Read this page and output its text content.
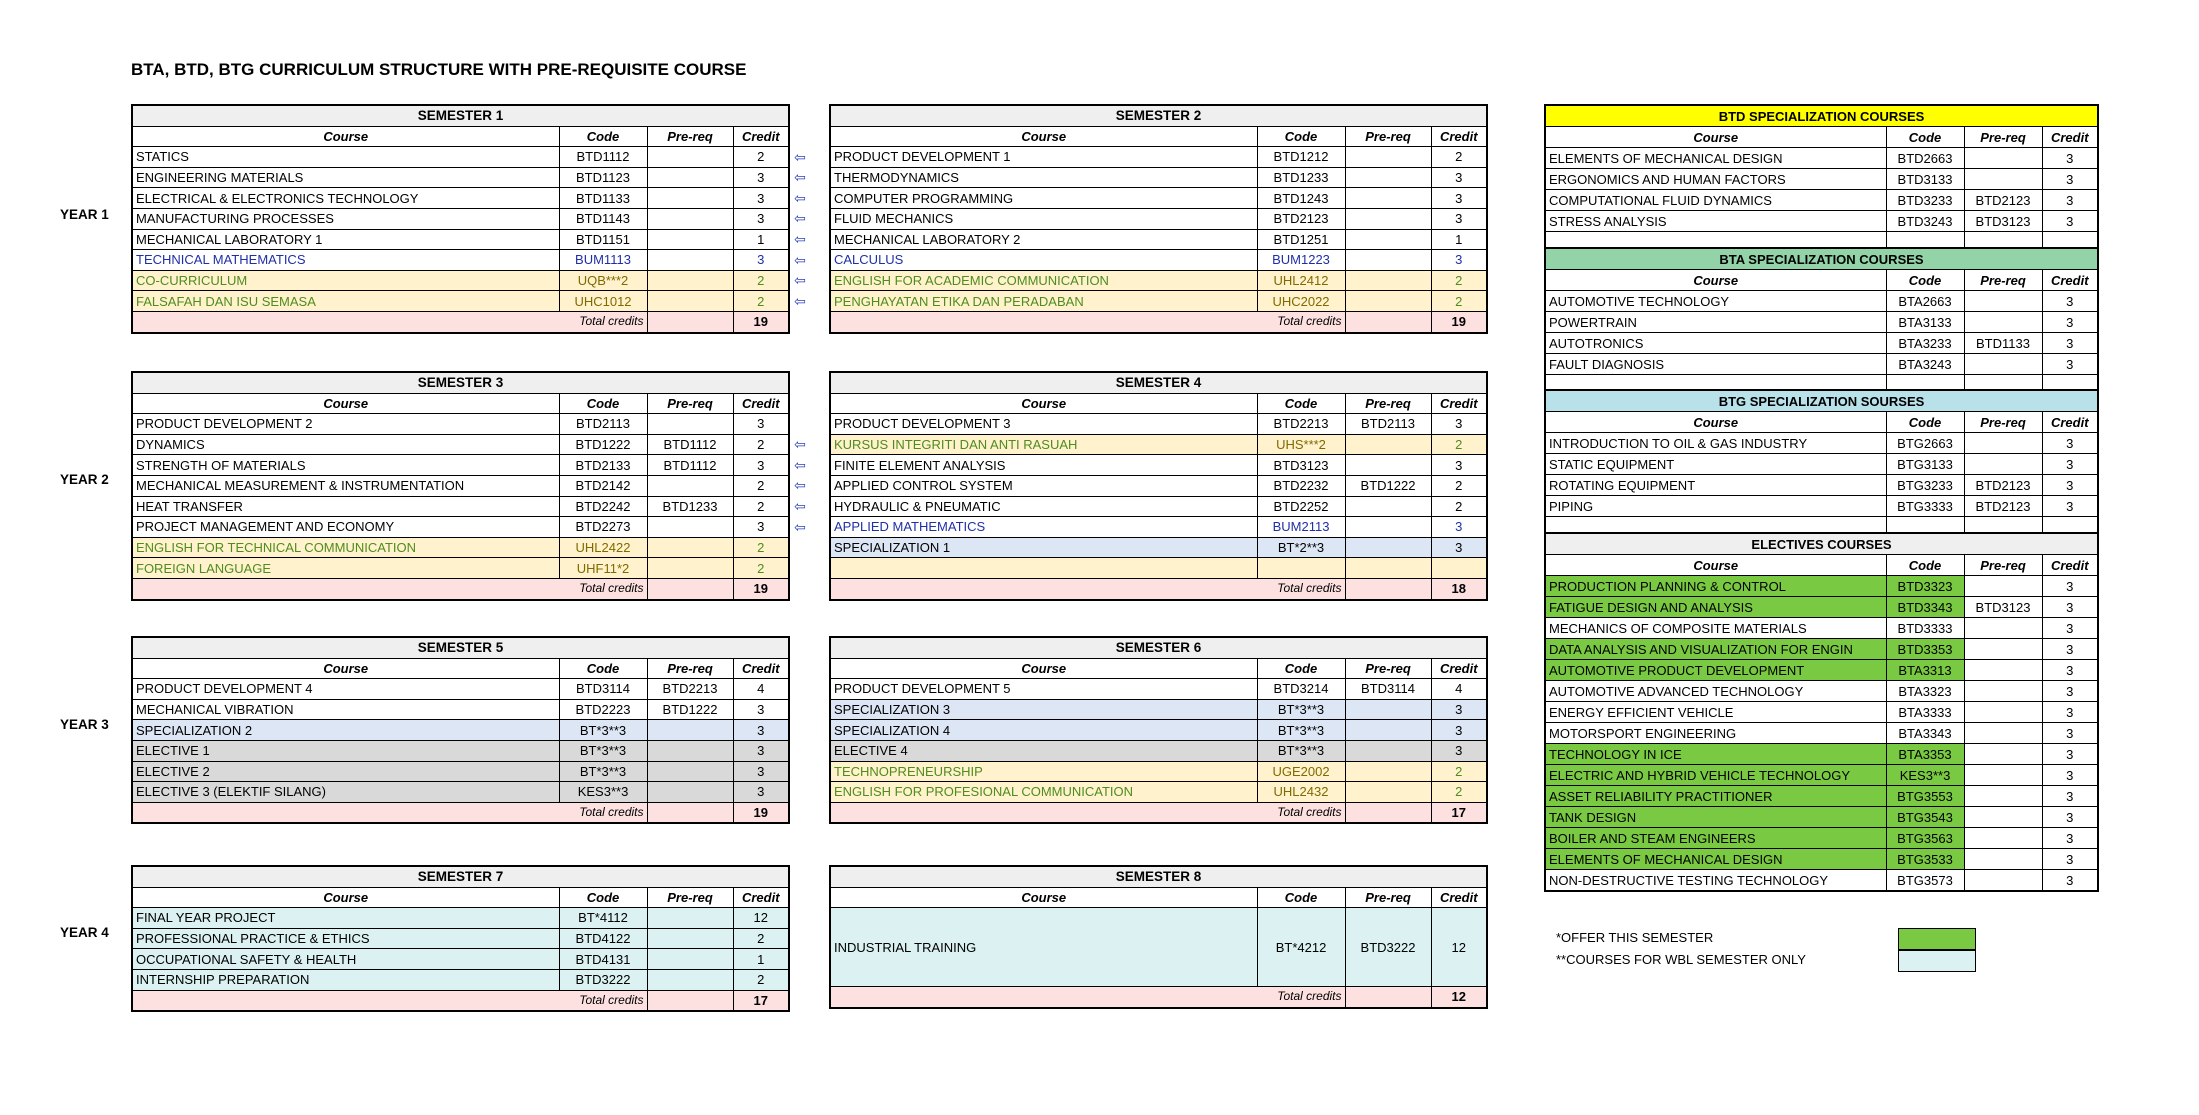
BTA, BTD, BTG CURRICULUM STRUCTURE WITH PRE-REQUISITE COURSE
YEAR 1
YEAR 2
YEAR 3
YEAR 4
SEMESTER 1			
Course	Code	Pre-req	Credit
STATICS	BTD1112		2
ENGINEERING MATERIALS	BTD1123		3
ELECTRICAL & ELECTRONICS TECHNOLOGY	BTD1133		3
MANUFACTURING PROCESSES	BTD1143		3
MECHANICAL LABORATORY 1	BTD1151		1
TECHNICAL MATHEMATICS	BUM1113		3
CO-CURRICULUM	UQB***2		2
FALSAFAH DAN ISU SEMASA	UHC1012		2
Total credits			19
SEMESTER 2			
Course	Code	Pre-req	Credit
PRODUCT DEVELOPMENT 1	BTD1212		2
THERMODYNAMICS	BTD1233		3
COMPUTER PROGRAMMING	BTD1243		3
FLUID MECHANICS	BTD2123		3
MECHANICAL LABORATORY 2	BTD1251		1
CALCULUS	BUM1223		3
ENGLISH FOR ACADEMIC COMMUNICATION	UHL2412		2
PENGHAYATAN ETIKA DAN PERADABAN	UHC2022		2
Total credits			19
SEMESTER 3			
Course	Code	Pre-req	Credit
PRODUCT DEVELOPMENT 2	BTD2113		3
DYNAMICS	BTD1222	BTD1112	2
STRENGTH OF MATERIALS	BTD2133	BTD1112	3
MECHANICAL MEASUREMENT & INSTRUMENTATION	BTD2142		2
HEAT TRANSFER	BTD2242	BTD1233	2
PROJECT MANAGEMENT AND ECONOMY	BTD2273		3
ENGLISH FOR TECHNICAL COMMUNICATION	UHL2422		2
FOREIGN LANGUAGE	UHF11*2		2
Total credits			19
SEMESTER 4			
Course	Code	Pre-req	Credit
PRODUCT DEVELOPMENT 3	BTD2213	BTD2113	3
KURSUS INTEGRITI DAN ANTI RASUAH	UHS***2		2
FINITE ELEMENT ANALYSIS	BTD3123		3
APPLIED CONTROL SYSTEM	BTD2232	BTD1222	2
HYDRAULIC & PNEUMATIC	BTD2252		2
APPLIED MATHEMATICS	BUM2113		3
SPECIALIZATION 1	BT*2**3		3

Total credits			18
SEMESTER 5			
Course	Code	Pre-req	Credit
PRODUCT DEVELOPMENT 4	BTD3114	BTD2213	4
MECHANICAL VIBRATION	BTD2223	BTD1222	3
SPECIALIZATION 2	BT*3**3		3
ELECTIVE 1	BT*3**3		3
ELECTIVE 2	BT*3**3		3
ELECTIVE 3 (ELEKTIF SILANG)	KES3**3		3
Total credits			19
SEMESTER 6			
Course	Code	Pre-req	Credit
PRODUCT DEVELOPMENT 5	BTD3214	BTD3114	4
SPECIALIZATION 3	BT*3**3		3
SPECIALIZATION 4	BT*3**3		3
ELECTIVE 4	BT*3**3		3
TECHNOPRENEURSHIP	UGE2002		2
ENGLISH FOR PROFESIONAL COMMUNICATION	UHL2432		2
Total credits			17
SEMESTER 7			
Course	Code	Pre-req	Credit
FINAL YEAR PROJECT	BT*4112		12
PROFESSIONAL PRACTICE & ETHICS	BTD4122		2
OCCUPATIONAL SAFETY & HEALTH	BTD4131		1
INTERNSHIP PREPARATION	BTD3222		2
Total credits			17
SEMESTER 8			
Course	Code	Pre-req	Credit
INDUSTRIAL TRAINING	BT*4212	BTD3222	12
Total credits			12
⇦
⇦
⇦
⇦
⇦
⇦
⇦
⇦
⇦
⇦
⇦
⇦
⇦
BTD SPECIALIZATION COURSES			
Course	Code	Pre-req	Credit
ELEMENTS OF MECHANICAL DESIGN	BTD2663		3
ERGONOMICS AND HUMAN FACTORS	BTD3133		3
COMPUTATIONAL FLUID DYNAMICS	BTD3233	BTD2123	3
STRESS ANALYSIS	BTD3243	BTD3123	3

BTA SPECIALIZATION COURSES			
Course	Code	Pre-req	Credit
AUTOMOTIVE TECHNOLOGY	BTA2663		3
POWERTRAIN	BTA3133		3
AUTOTRONICS	BTA3233	BTD1133	3
FAULT DIAGNOSIS	BTA3243		3

BTG SPECIALIZATION SOURSES			
Course	Code	Pre-req	Credit
INTRODUCTION TO OIL & GAS INDUSTRY	BTG2663		3
STATIC EQUIPMENT	BTG3133		3
ROTATING EQUIPMENT	BTG3233	BTD2123	3
PIPING	BTG3333	BTD2123	3

ELECTIVES COURSES			
Course	Code	Pre-req	Credit
PRODUCTION PLANNING & CONTROL	BTD3323		3
FATIGUE DESIGN AND ANALYSIS	BTD3343	BTD3123	3
MECHANICS OF COMPOSITE MATERIALS	BTD3333		3
DATA ANALYSIS AND VISUALIZATION FOR ENGIN	BTD3353		3
AUTOMOTIVE PRODUCT DEVELOPMENT	BTA3313		3
AUTOMOTIVE ADVANCED TECHNOLOGY	BTA3323		3
ENERGY EFFICIENT VEHICLE	BTA3333		3
MOTORSPORT ENGINEERING	BTA3343		3
TECHNOLOGY IN ICE	BTA3353		3
ELECTRIC AND HYBRID VEHICLE TECHNOLOGY	KES3**3		3
ASSET RELIABILITY PRACTITIONER	BTG3553		3
TANK DESIGN	BTG3543		3
BOILER AND STEAM ENGINEERS	BTG3563		3
ELEMENTS OF MECHANICAL DESIGN	BTG3533		3
NON-DESTRUCTIVE TESTING TECHNOLOGY	BTG3573		3
*OFFER THIS SEMESTER
**COURSES FOR WBL SEMESTER ONLY
